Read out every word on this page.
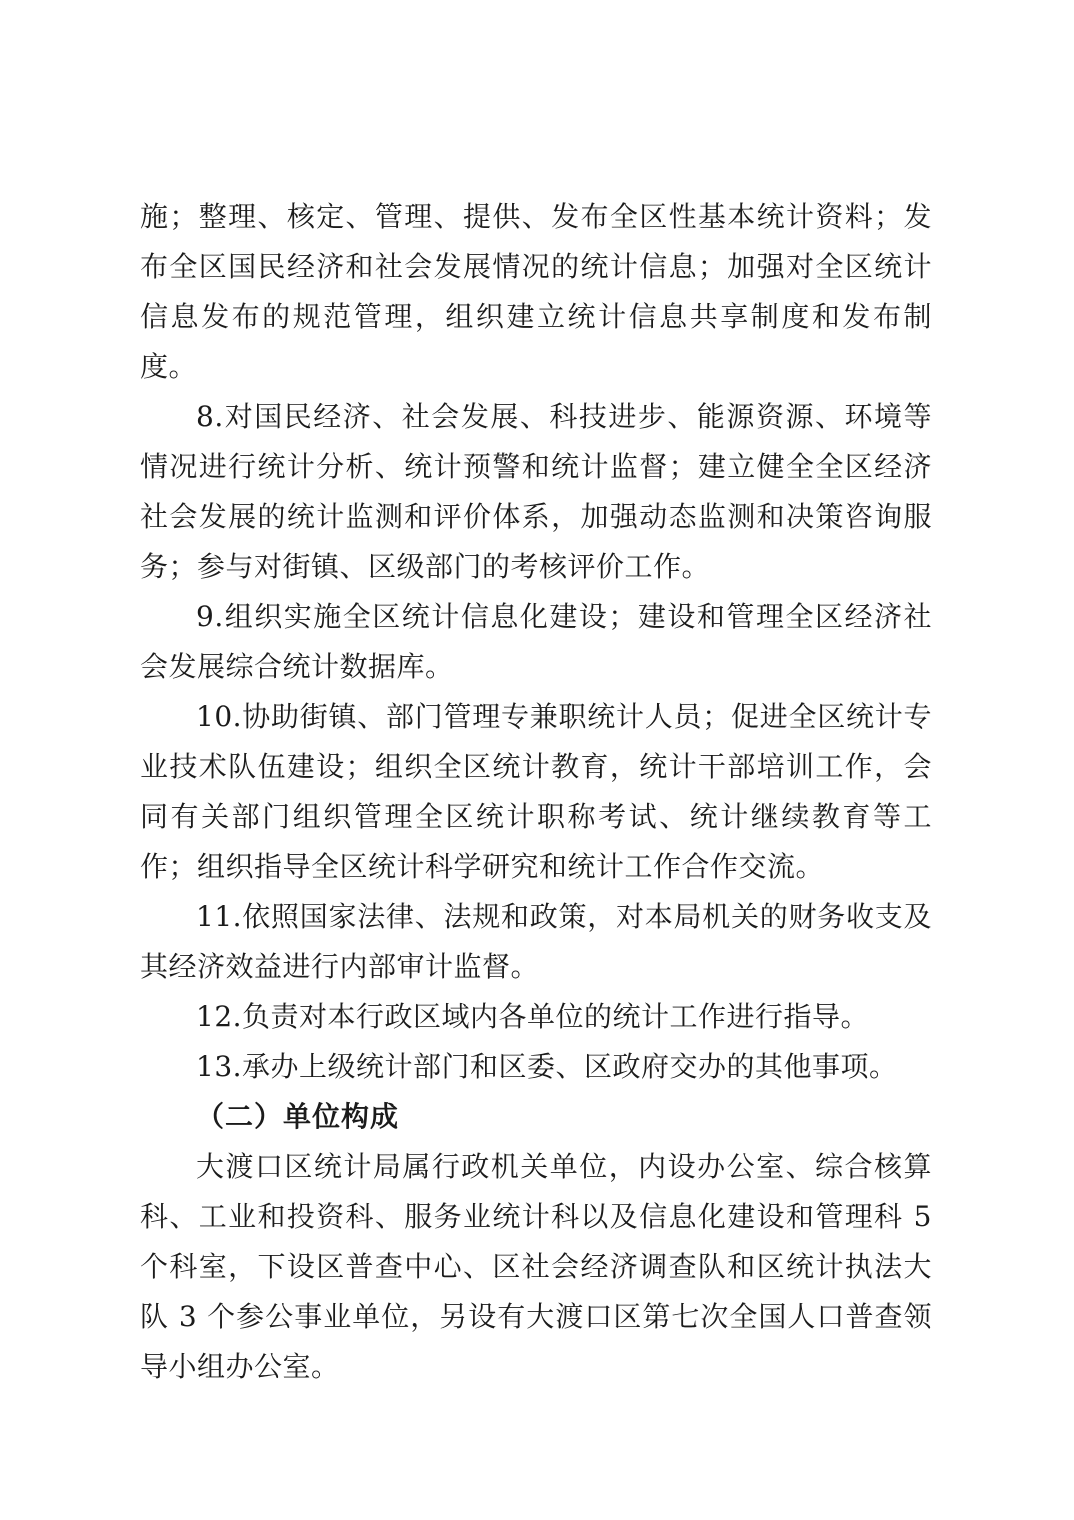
施；整理、核定、管理、提供、发布全区性基本统计资料；发布全区国民经济和社会发展情况的统计信息；加强对全区统计信息发布的规范管理，组织建立统计信息共享制度和发布制度。

8.对国民经济、社会发展、科技进步、能源资源、环境等情况进行统计分析、统计预警和统计监督；建立健全全区经济社会发展的统计监测和评价体系，加强动态监测和决策咨询服务；参与对街镇、区级部门的考核评价工作。

9.组织实施全区统计信息化建设；建设和管理全区经济社会发展综合统计数据库。

10.协助街镇、部门管理专兼职统计人员；促进全区统计专业技术队伍建设；组织全区统计教育，统计干部培训工作，会同有关部门组织管理全区统计职称考试、统计继续教育等工作；组织指导全区统计科学研究和统计工作合作交流。

11.依照国家法律、法规和政策，对本局机关的财务收支及其经济效益进行内部审计监督。

12.负责对本行政区域内各单位的统计工作进行指导。

13.承办上级统计部门和区委、区政府交办的其他事项。

（二）单位构成

大渡口区统计局属行政机关单位，内设办公室、综合核算科、工业和投资科、服务业统计科以及信息化建设和管理科 5 个科室，下设区普查中心、区社会经济调查队和区统计执法大队 3 个参公事业单位，另设有大渡口区第七次全国人口普查领导小组办公室。
